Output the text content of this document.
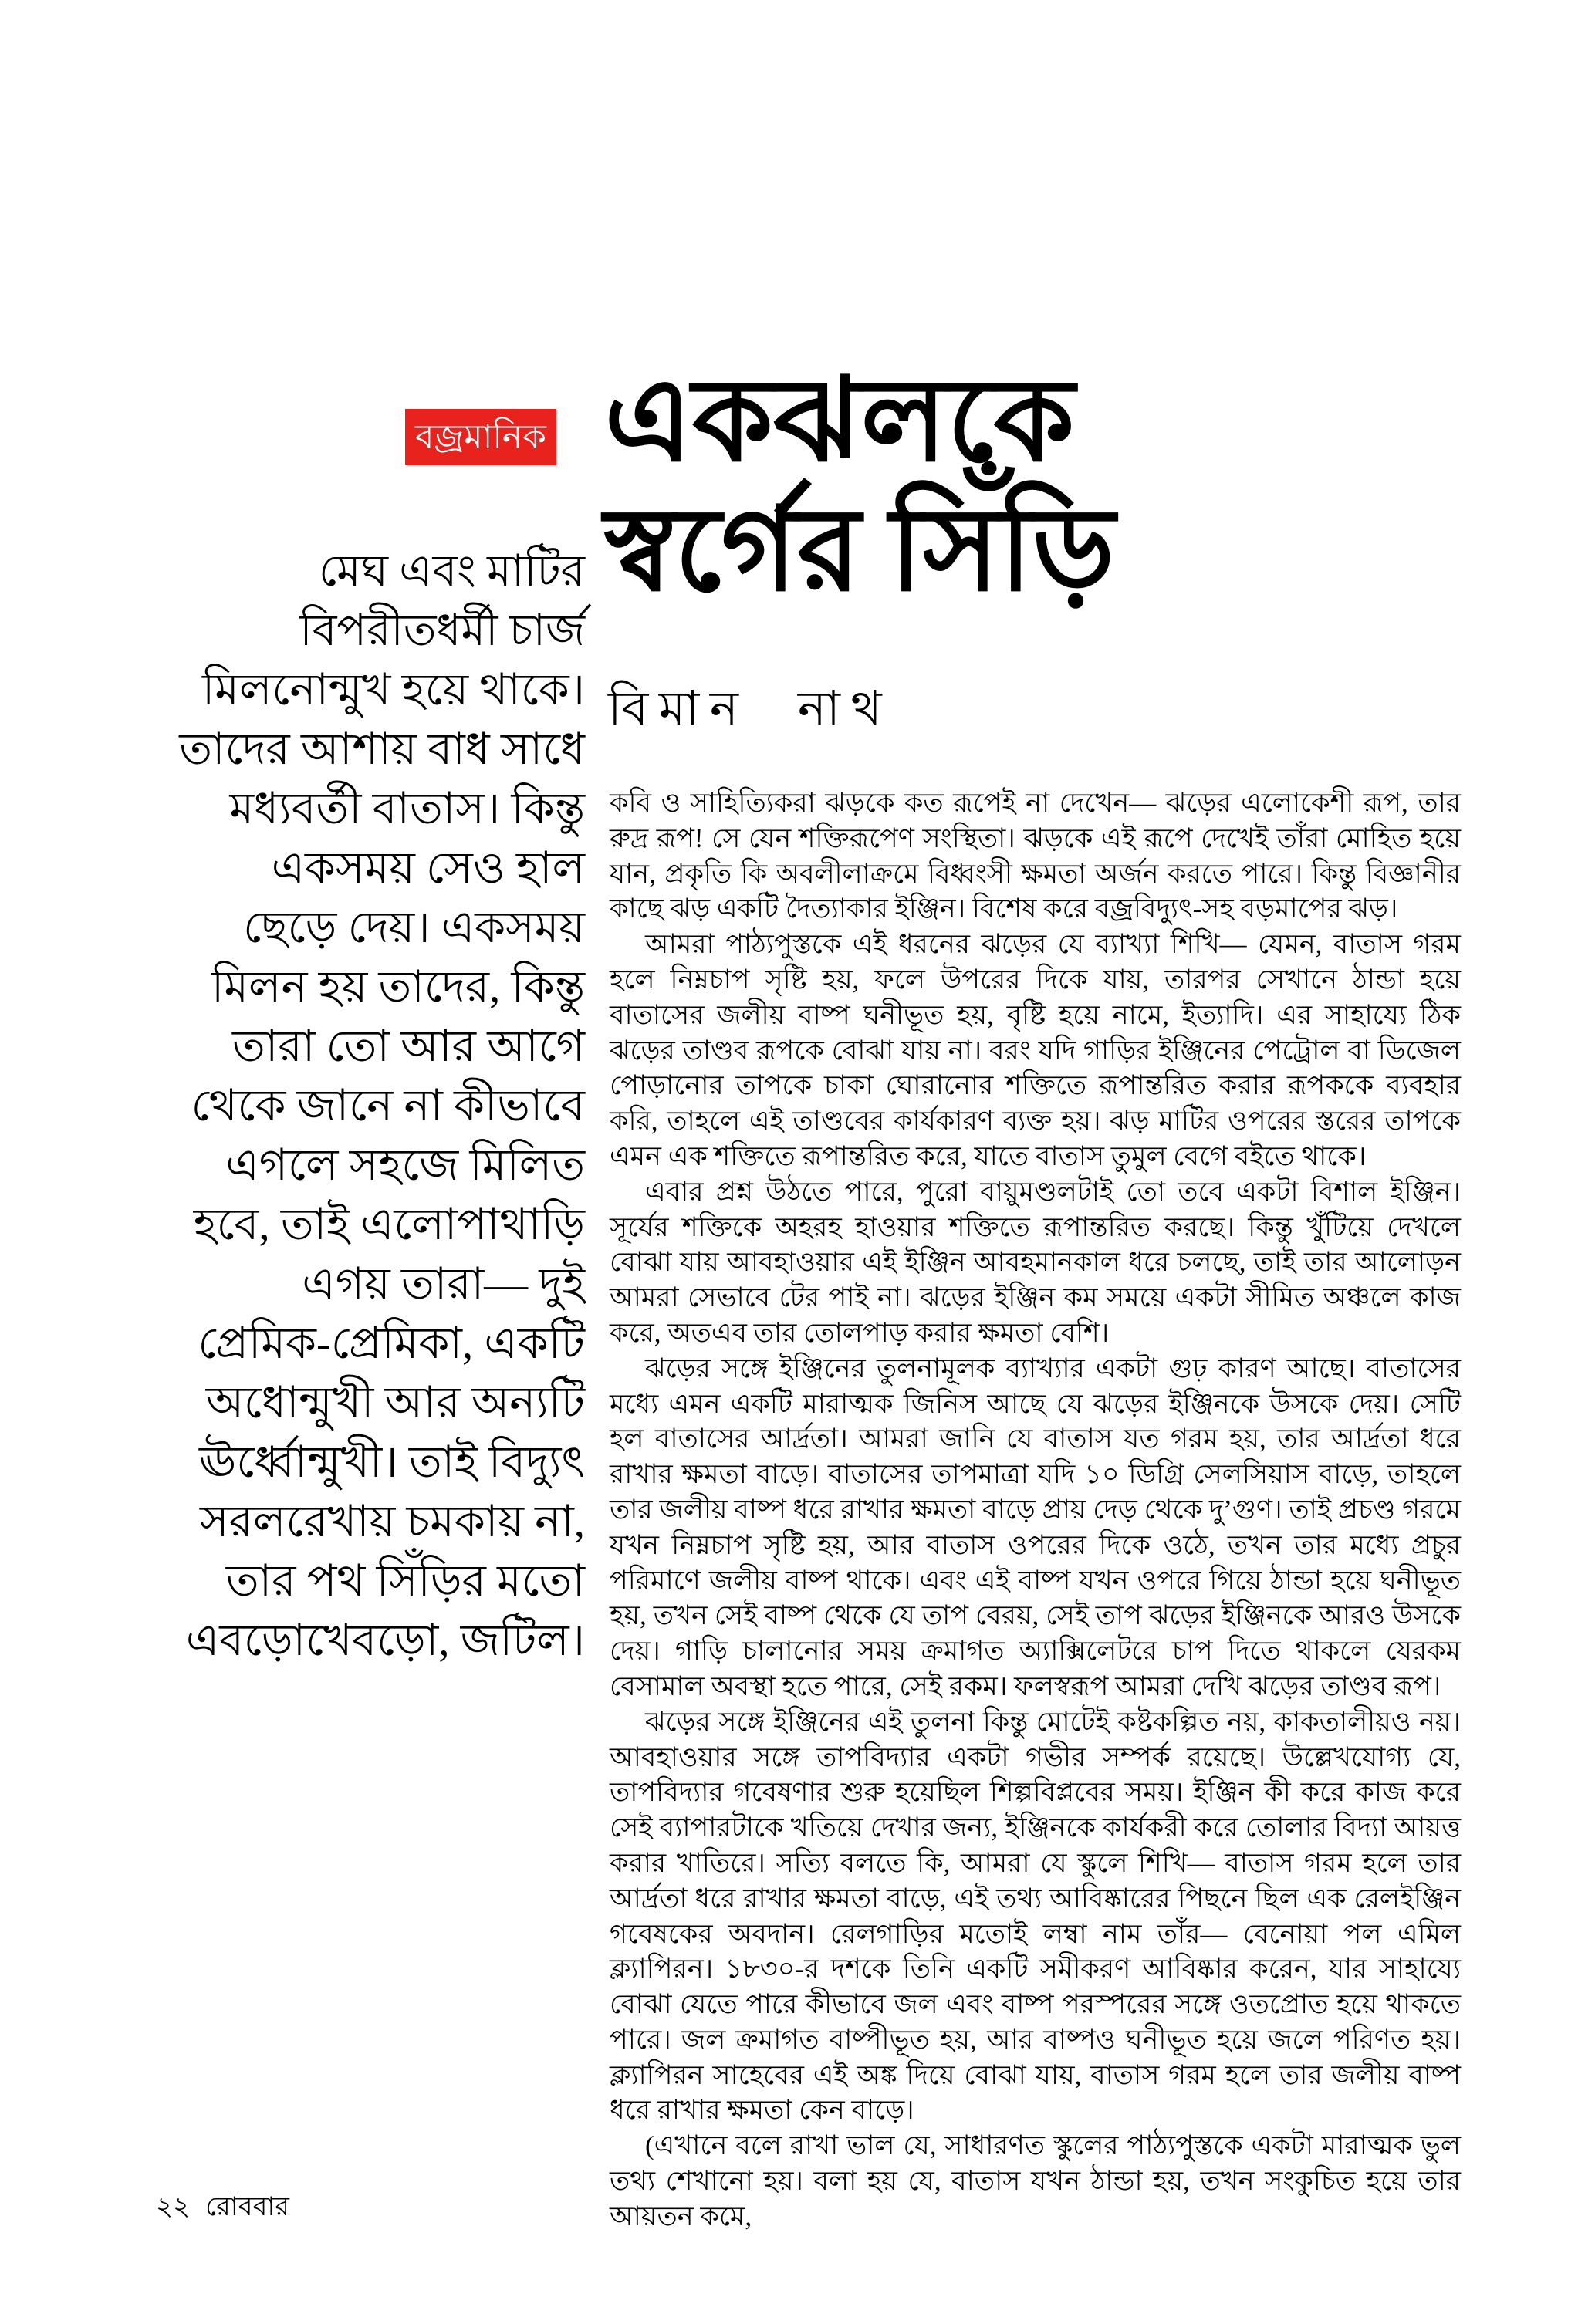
বজ্রমানিক একঝলকে
স্বর্গের সিঁড়ি
বিমান নাথ
মেঘ এবং মাটির
বিপরীতধর্মী চার্জ
মিলনোন্মুখ হয়ে থাকে।
তাদের আশায় বাধ সাধে
মধ্যবর্তী বাতাস। কিন্তু
একসময় সেও হাল
ছেড়ে দেয়। একসময়
মিলন হয় তাদের, কিন্তু
তারা তো আর আগে
থেকে জানে না কীভাবে
এগলে সহজে মিলিত
হবে, তাই এলোপাথাড়ি
এগয় তারা— দুই
প্রেমিক-প্রেমিকা, একটি
অধোন্মুখী আর অন্যটি
ঊর্ধ্বোন্মুখী। তাই বিদ্যুৎ
সরলরেখায় চমকায় না,
তার পথ সিঁড়ির মতো
এবড়োখেবড়ো, জটিল।

কবি ও সাহিত্যিকরা ঝড়কে কত রূপেই না দেখেন— ঝড়ের এলোকেশী রূপ, তার রুদ্র রূপ! সে যেন শক্তিরূপেণ সংস্থিতা। ঝড়কে এই রূপে দেখেই তাঁরা মোহিত হয়ে যান, প্রকৃতি কি অবলীলাক্রমে বিধ্বংসী ক্ষমতা অর্জন করতে পারে। কিন্তু বিজ্ঞানীর কাছে ঝড় একটি দৈত্যাকার ইঞ্জিন। বিশেষ করে বজ্রবিদ্যুৎ-সহ বড়মাপের ঝড়।

আমরা পাঠ্যপুস্তকে এই ধরনের ঝড়ের যে ব্যাখ্যা শিখি— যেমন, বাতাস গরম হলে নিম্নচাপ সৃষ্টি হয়, ফলে উপরের দিকে যায়, তারপর সেখানে ঠান্ডা হয়ে বাতাসের জলীয় বাষ্প ঘনীভূত হয়, বৃষ্টি হয়ে নামে, ইত্যাদি। এর সাহায্যে ঠিক ঝড়ের তাণ্ডব রূপকে বোঝা যায় না। বরং যদি গাড়ির ইঞ্জিনের পেট্রোল বা ডিজেল পোড়ানোর তাপকে চাকা ঘোরানোর শক্তিতে রূপান্তরিত করার রূপককে ব্যবহার করি, তাহলে এই তাণ্ডবের কার্যকারণ ব্যক্ত হয়। ঝড় মাটির ওপরের স্তরের তাপকে এমন এক শক্তিতে রূপান্তরিত করে, যাতে বাতাস তুমুল বেগে বইতে থাকে।

এবার প্রশ্ন উঠতে পারে, পুরো বায়ুমণ্ডলটাই তো তবে একটা বিশাল ইঞ্জিন। সূর্যের শক্তিকে অহরহ হাওয়ার শক্তিতে রূপান্তরিত করছে। কিন্তু খুঁটিয়ে দেখলে বোঝা যায় আবহাওয়ার এই ইঞ্জিন আবহমানকাল ধরে চলছে, তাই তার আলোড়ন আমরা সেভাবে টের পাই না। ঝড়ের ইঞ্জিন কম সময়ে একটা সীমিত অঞ্চলে কাজ করে, অতএব তার তোলপাড় করার ক্ষমতা বেশি।

ঝড়ের সঙ্গে ইঞ্জিনের তুলনামূলক ব্যাখ্যার একটা গুঢ় কারণ আছে। বাতাসের মধ্যে এমন একটি মারাত্মক জিনিস আছে যে ঝড়ের ইঞ্জিনকে উসকে দেয়। সেটি হল বাতাসের আর্দ্রতা। আমরা জানি যে বাতাস যত গরম হয়, তার আর্দ্রতা ধরে রাখার ক্ষমতা বাড়ে। বাতাসের তাপমাত্রা যদি ১০ ডিগ্রি সেলসিয়াস বাড়ে, তাহলে তার জলীয় বাষ্প ধরে রাখার ক্ষমতা বাড়ে প্রায় দেড় থেকে দু’গুণ। তাই প্রচণ্ড গরমে যখন নিম্নচাপ সৃষ্টি হয়, আর বাতাস ওপরের দিকে ওঠে, তখন তার মধ্যে প্রচুর পরিমাণে জলীয় বাষ্প থাকে। এবং এই বাষ্প যখন ওপরে গিয়ে ঠান্ডা হয়ে ঘনীভূত হয়, তখন সেই বাষ্প থেকে যে তাপ বেরয়, সেই তাপ ঝড়ের ইঞ্জিনকে আরও উসকে দেয়। গাড়ি চালানোর সময় ক্রমাগত অ্যাক্সিলেটরে চাপ দিতে থাকলে যেরকম বেসামাল অবস্থা হতে পারে, সেই রকম। ফলস্বরূপ আমরা দেখি ঝড়ের তাণ্ডব রূপ।

ঝড়ের সঙ্গে ইঞ্জিনের এই তুলনা কিন্তু মোটেই কষ্টকল্পিত নয়, কাকতালীয়ও নয়। আবহাওয়ার সঙ্গে তাপবিদ্যার একটা গভীর সম্পর্ক রয়েছে। উল্লেখযোগ্য যে, তাপবিদ্যার গবেষণার শুরু হয়েছিল শিল্পবিপ্লবের সময়। ইঞ্জিন কী করে কাজ করে সেই ব্যাপারটাকে খতিয়ে দেখার জন্য, ইঞ্জিনকে কার্যকরী করে তোলার বিদ্যা আয়ত্ত করার খাতিরে। সত্যি বলতে কি, আমরা যে স্কুলে শিখি— বাতাস গরম হলে তার আর্দ্রতা ধরে রাখার ক্ষমতা বাড়ে, এই তথ্য আবিষ্কারের পিছনে ছিল এক রেলইঞ্জিন গবেষকের অবদান। রেলগাড়ির মতোই লম্বা নাম তাঁর— বেনোয়া পল এমিল ক্ল্যাপিরন। ১৮৩০-র দশকে তিনি একটি সমীকরণ আবিষ্কার করেন, যার সাহায্যে বোঝা যেতে পারে কীভাবে জল এবং বাষ্প পরস্পরের সঙ্গে ওতপ্রোত হয়ে থাকতে পারে। জল ক্রমাগত বাষ্পীভূত হয়, আর বাষ্পও ঘনীভূত হয়ে জলে পরিণত হয়। ক্ল্যাপিরন সাহেবের এই অঙ্ক দিয়ে বোঝা যায়, বাতাস গরম হলে তার জলীয় বাষ্প ধরে রাখার ক্ষমতা কেন বাড়ে।

(এখানে বলে রাখা ভাল যে, সাধারণত স্কুলের পাঠ্যপুস্তকে একটা মারাত্মক ভুল তথ্য শেখানো হয়। বলা হয় যে, বাতাস যখন ঠান্ডা হয়, তখন সংকুচিত হয়ে তার আয়তন কমে,

২২ রোববার
